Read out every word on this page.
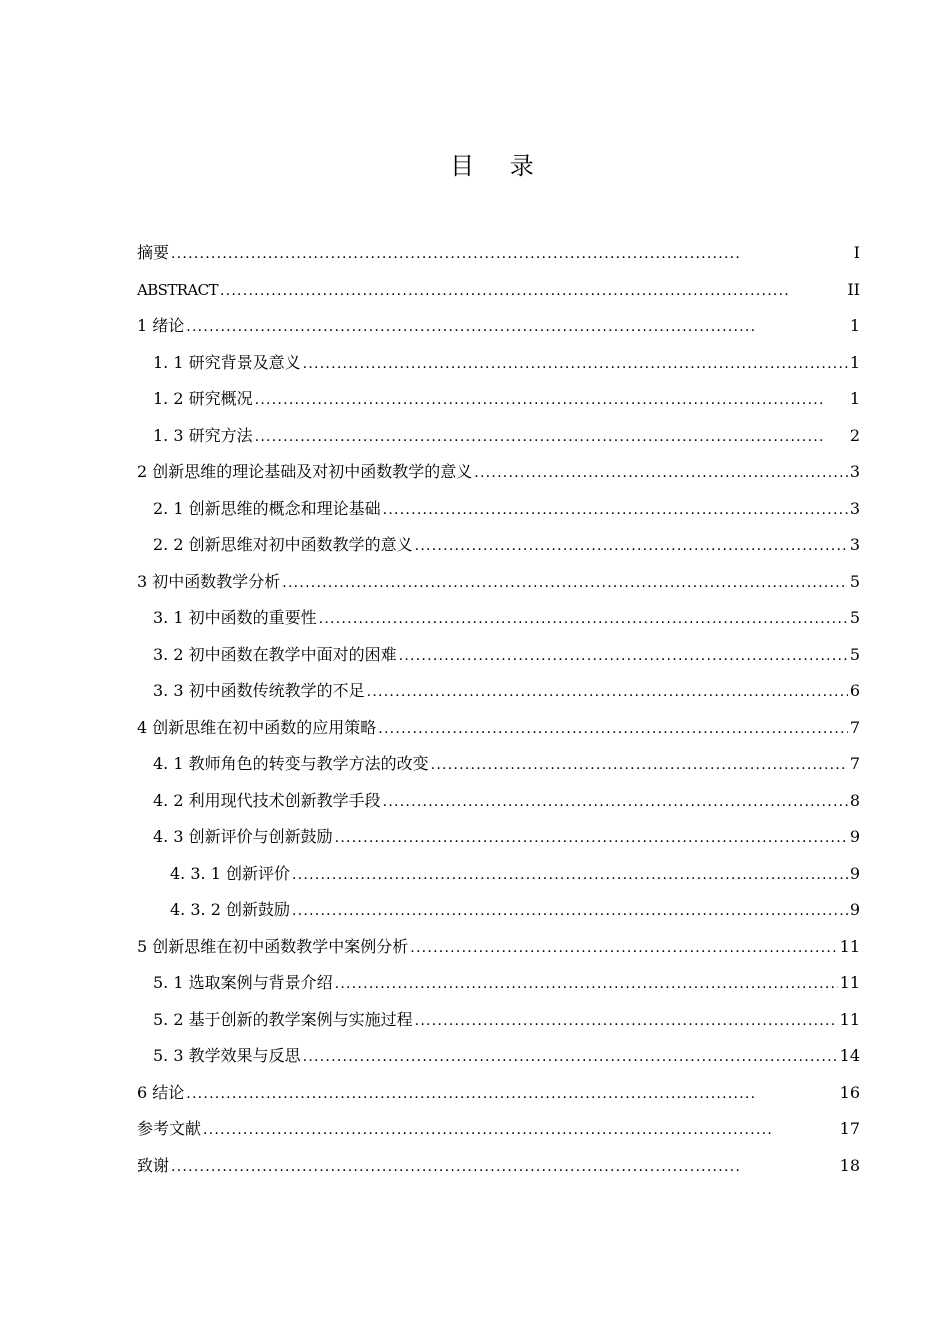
目 录
摘要 . . .	I
ABSTRACT . . .	II
1 绪论 . . .	1
1. 1 研究背景及意义 . . .	1
1. 2 研究概况 . . .	1
1. 3 研究方法 . . .	2
2 创新思维的理论基础及对初中函数教学的意义 . . .	3
2. 1 创新思维的概念和理论基础 . . .	3
2. 2 创新思维对初中函数教学的意义 . . .	3
3 初中函数教学分析 . . .	5
3. 1 初中函数的重要性 . . .	5
3. 2 初中函数在教学中面对的困难 . . .	5
3. 3 初中函数传统教学的不足 . . .	6
4 创新思维在初中函数的应用策略 . . .	7
4. 1 教师角色的转变与教学方法的改变 . . .	7
4. 2 利用现代技术创新教学手段 . . .	8
4. 3 创新评价与创新鼓励 . . .	9
4. 3. 1 创新评价 . . .	9
4. 3. 2 创新鼓励 . . .	9
5 创新思维在初中函数教学中案例分析 . . .	11
5. 1 选取案例与背景介绍 . . .	11
5. 2 基于创新的教学案例与实施过程 . . .	11
5. 3 教学效果与反思 . . .	14
6 结论 . . .	16
参考文献 . . .	17
致谢 . . .	18
